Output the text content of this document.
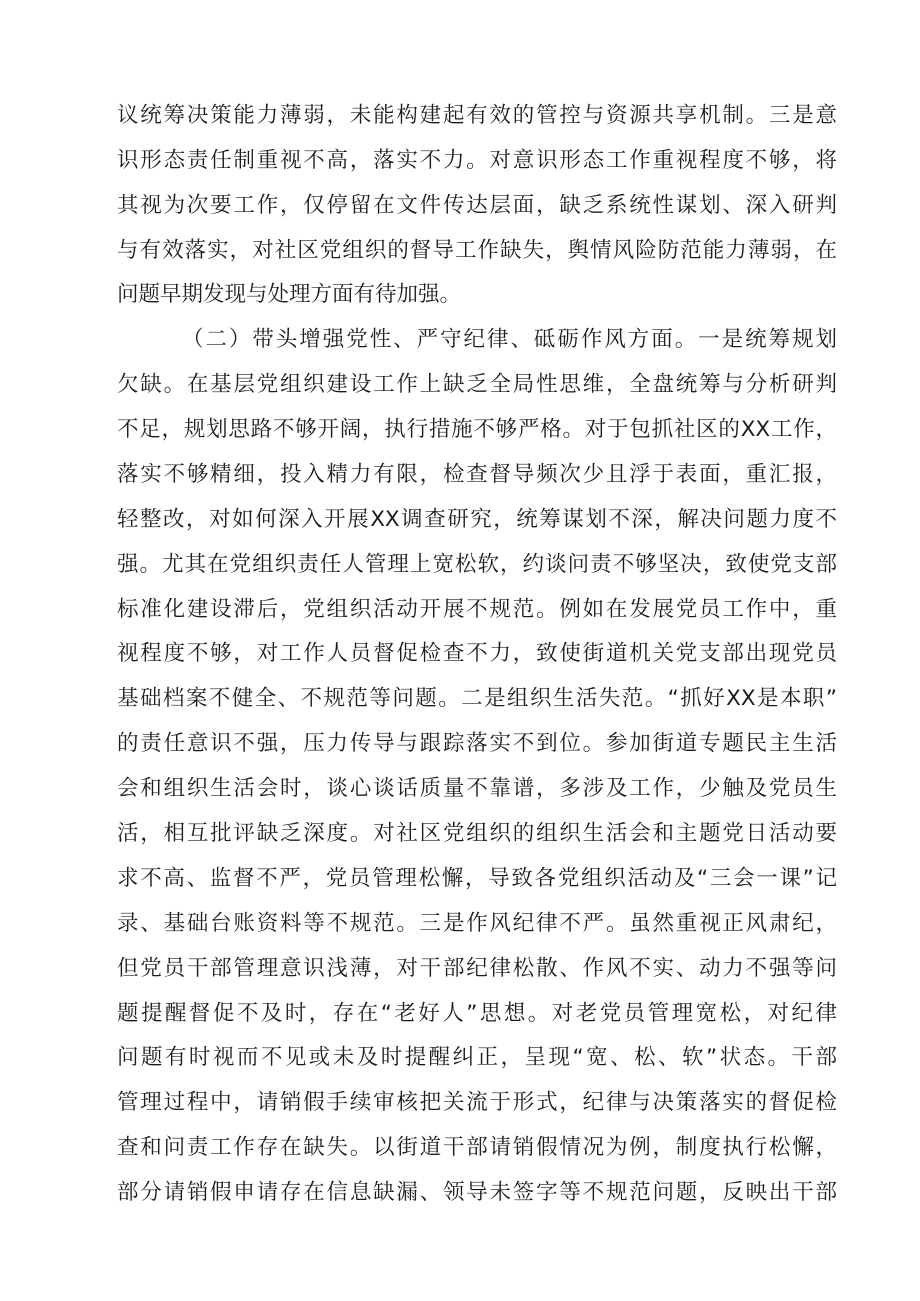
议统筹决策能力薄弱，未能构建起有效的管控与资源共享机制。三是意
识形态责任制重视不高，落实不力。对意识形态工作重视程度不够，将
其视为次要工作，仅停留在文件传达层面，缺乏系统性谋划、深入研判
与有效落实，对社区党组织的督导工作缺失，舆情风险防范能力薄弱，在
问题早期发现与处理方面有待加强。
（二）带头增强党性、严守纪律、砥砺作风方面。一是统筹规划
欠缺。在基层党组织建设工作上缺乏全局性思维，全盘统筹与分析研判
不足，规划思路不够开阔，执行措施不够严格。对于包抓社区的XX工作，
落实不够精细，投入精力有限，检查督导频次少且浮于表面，重汇报，
轻整改，对如何深入开展XX调查研究，统筹谋划不深，解决问题力度不
强。尤其在党组织责任人管理上宽松软，约谈问责不够坚决，致使党支部
标准化建设滞后，党组织活动开展不规范。例如在发展党员工作中，重
视程度不够，对工作人员督促检查不力，致使街道机关党支部出现党员
基础档案不健全、不规范等问题。二是组织生活失范。“抓好XX是本职”
的责任意识不强，压力传导与跟踪落实不到位。参加街道专题民主生活
会和组织生活会时，谈心谈话质量不靠谱，多涉及工作，少触及党员生
活，相互批评缺乏深度。对社区党组织的组织生活会和主题党日活动要
求不高、监督不严，党员管理松懈，导致各党组织活动及“三会一课”记
录、基础台账资料等不规范。三是作风纪律不严。虽然重视正风肃纪，
但党员干部管理意识浅薄，对干部纪律松散、作风不实、动力不强等问
题提醒督促不及时，存在“老好人”思想。对老党员管理宽松，对纪律
问题有时视而不见或未及时提醒纠正，呈现“宽、松、软”状态。干部
管理过程中，请销假手续审核把关流于形式，纪律与决策落实的督促检
查和问责工作存在缺失。以街道干部请销假情况为例，制度执行松懈，
部分请销假申请存在信息缺漏、领导未签字等不规范问题，反映出干部
